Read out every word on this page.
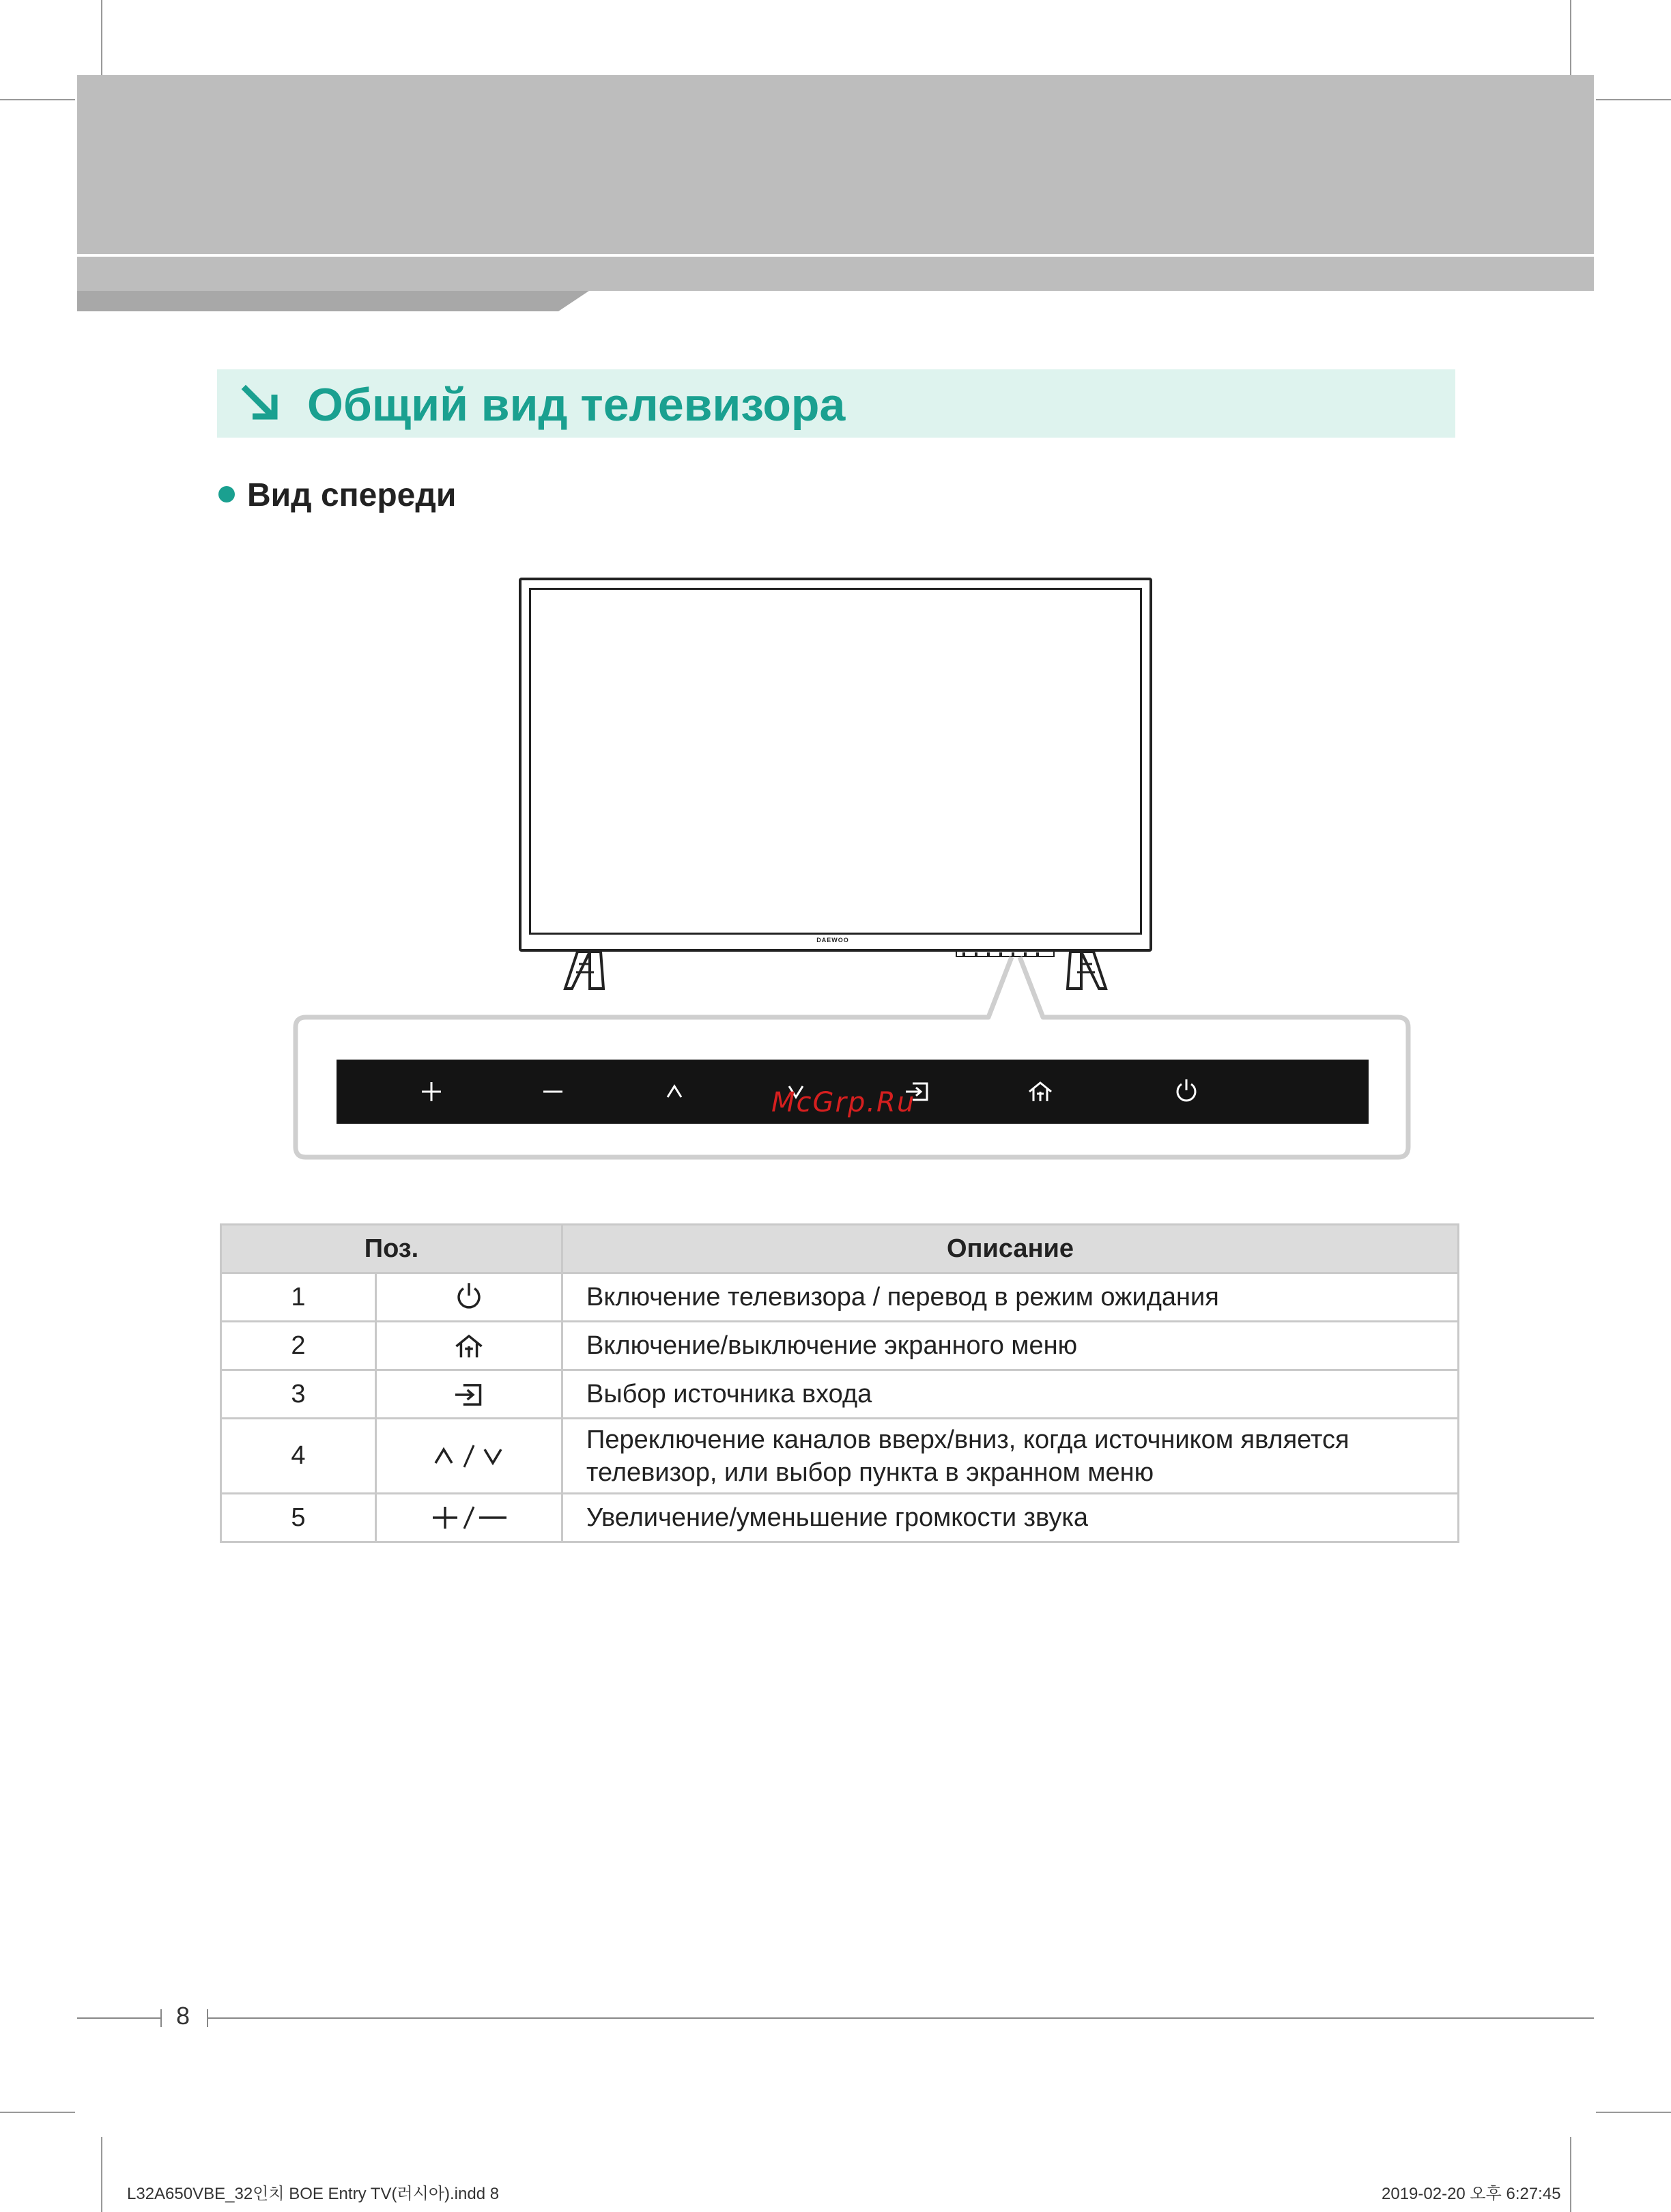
Общий вид телевизора
Вид спереди
DAEWOO
McGrp.Ru
Поз.		Описание
1		Включение телевизора / перевод в режим ожидания
2		Включение/выключение экранного меню
3		Выбор источника входа
4		Переключение каналов вверх/вниз, когда источником является телевизор, или выбор пункта в экранном меню
5		Увеличение/уменьшение громкости звука
8
L32A650VBE_32인치 BOE Entry TV(러시아).indd 8	2019-02-20 오후 6:27:45
